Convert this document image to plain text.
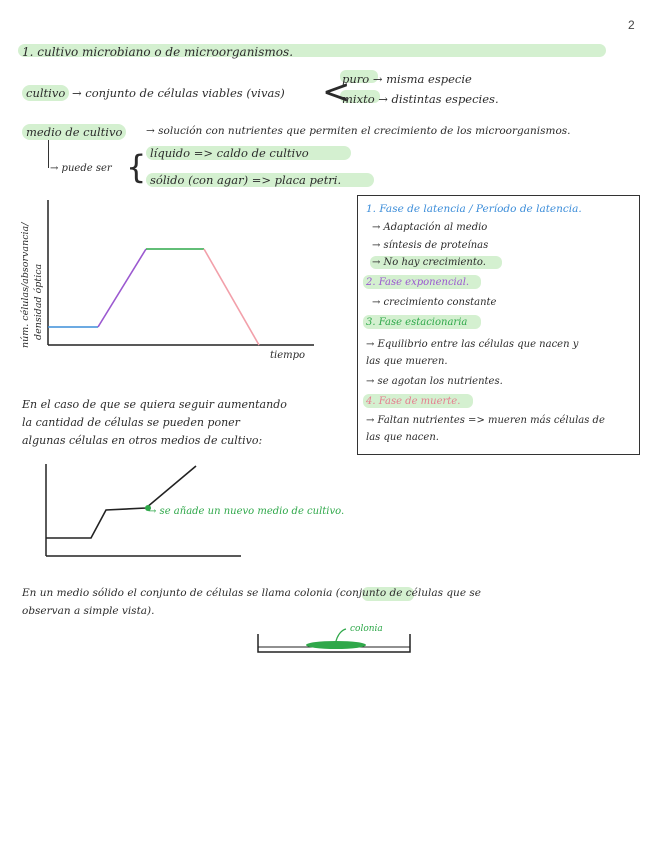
2
1. cultivo microbiano o de microorganismos.
cultivo → conjunto de células viables (vivas) <
puro → misma especie
mixto → distintas especies.
medio de cultivo	→ solución con nutrientes que permiten el crecimiento de los microorganismos.
→ puede ser { líquido => caldo de cultivo
sólido (con agar) => placa petri.
núm. células/absorvancia/ densidad óptica
tiempo
1. Fase de latencia / Período de latencia.
→ Adaptación al medio
→ síntesis de proteínas
→ No hay crecimiento.
2. Fase exponencial.
→ crecimiento constante
3. Fase estacionaria
→ Equilibrio entre las células que nacen y
las que mueren.
→ se agotan los nutrientes.
4. Fase de muerte.
→ Faltan nutrientes => mueren más células de
las que nacen.
En el caso de que se quiera seguir aumentando
la cantidad de células se pueden poner
algunas células en otros medios de cultivo:
→ se añade un nuevo medio de cultivo.
En un medio sólido el conjunto de células se llama colonia (conjunto de células que se
observan a simple vista).
colonia
